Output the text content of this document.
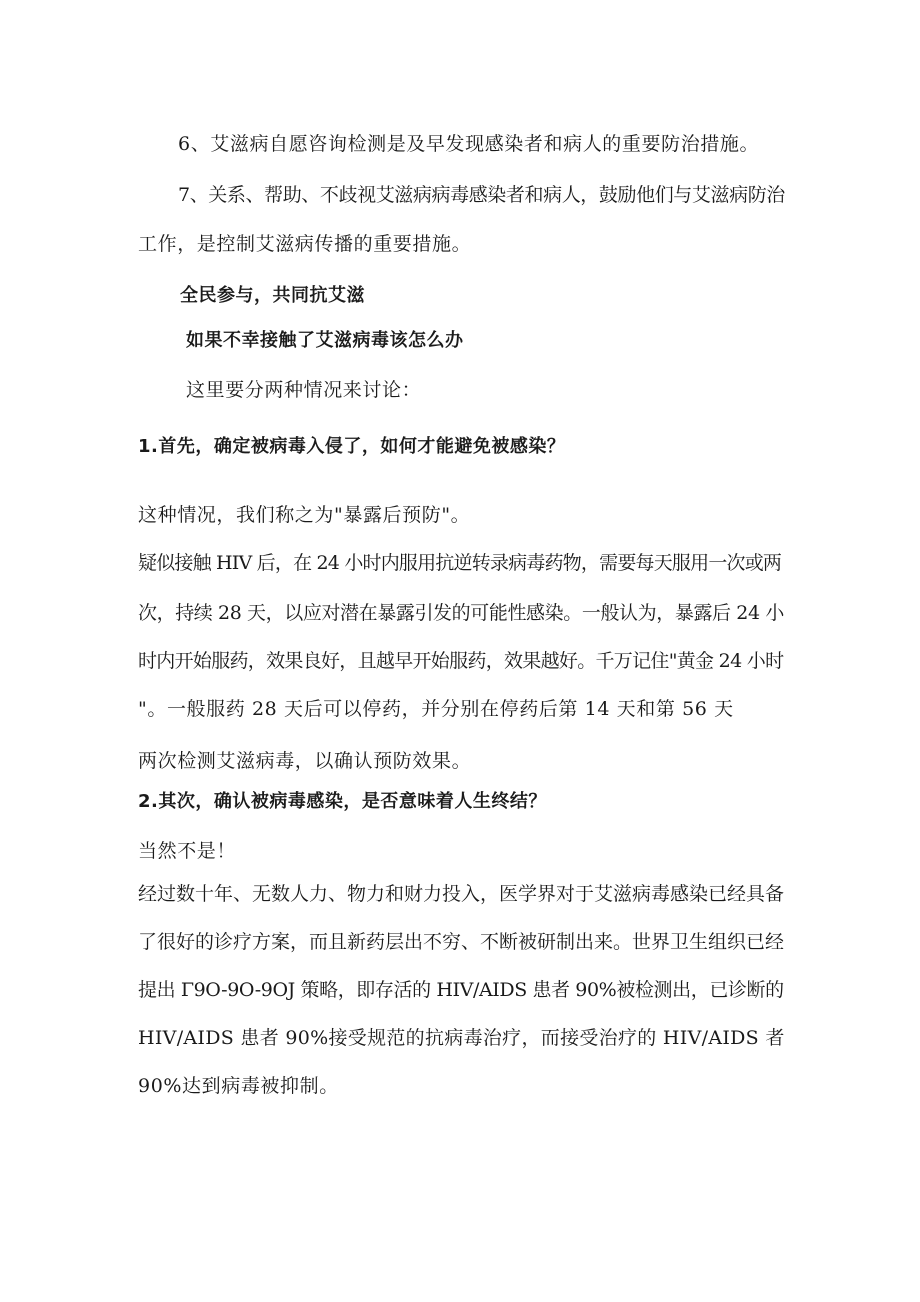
6、艾滋病自愿咨询检测是及早发现感染者和病人的重要防治措施。
7、关系、帮助、不歧视艾滋病病毒感染者和病人，鼓励他们与艾滋病防治
工作，是控制艾滋病传播的重要措施。
全民参与，共同抗艾滋
如果不幸接触了艾滋病毒该怎么办
这里要分两种情况来讨论：
1.首先，确定被病毒入侵了，如何才能避免被感染？
这种情况，我们称之为"暴露后预防"。
疑似接触 HIV 后，在 24 小时内服用抗逆转录病毒药物，需要每天服用一次或两
次，持续 28 天，以应对潜在暴露引发的可能性感染。一般认为，暴露后 24 小
时内开始服药，效果良好，且越早开始服药，效果越好。千万记住"黄金 24 小时
"。一般服药 28 天后可以停药，并分别在停药后第 14 天和第 56 天
两次检测艾滋病毒，以确认预防效果。
2.其次，确认被病毒感染，是否意味着人生终结？
当然不是！
经过数十年、无数人力、物力和财力投入，医学界对于艾滋病毒感染已经具备
了很好的诊疗方案，而且新药层出不穷、不断被研制出来。世界卫生组织已经
提出 Γ9O-9O-9OJ 策略，即存活的 HIV/AIDS 患者 90%被检测出，已诊断的
HIV/AIDS 患者 90%接受规范的抗病毒治疗，而接受治疗的 HIV/AIDS 者
90%达到病毒被抑制。
